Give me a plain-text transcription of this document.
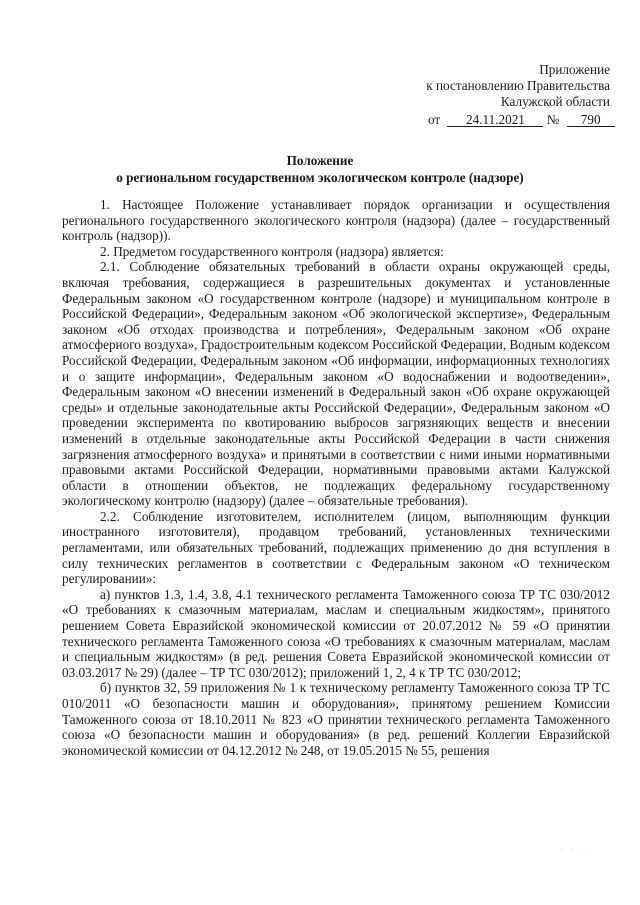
Приложение
к постановлению Правительства
Калужской области
от 24.11.2021 № 790
Положение
о региональном государственном экологическом контроле (надзоре)

1. Настоящее Положение устанавливает порядок организации и осуществления регионального государственного экологического контроля (надзора) (далее – государственный контроль (надзор)).

2. Предметом государственного контроля (надзора) является:

2.1. Соблюдение обязательных требований в области охраны окружающей среды, включая требования, содержащиеся в разрешительных документах и установленные Федеральным законом «О государственном контроле (надзоре) и муниципальном контроле в Российской Федерации», Федеральным законом «Об экологической экспертизе», Федеральным законом «Об отходах производства и потребления», Федеральным законом «Об охране атмосферного воздуха», Градостроительным кодексом Российской Федерации, Водным кодексом Российской Федерации, Федеральным законом «Об информации, информационных технологиях и о защите информации», Федеральным законом «О водоснабжении и водоотведении», Федеральным законом «О внесении изменений в Федеральный закон «Об охране окружающей среды» и отдельные законодательные акты Российской Федерации», Федеральным законом «О проведении эксперимента по квотированию выбросов загрязняющих веществ и внесении изменений в отдельные законодательные акты Российской Федерации в части снижения загрязнения атмосферного воздуха» и принятыми в соответствии с ними иными нормативными правовыми актами Российской Федерации, нормативными правовыми актами Калужской области в отношении объектов, не подлежащих федеральному государственному экологическому контролю (надзору) (далее – обязательные требования).

2.2. Соблюдение изготовителем, исполнителем (лицом, выполняющим функции иностранного изготовителя), продавцом требований, установленных техническими регламентами, или обязательных требований, подлежащих применению до дня вступления в силу технических регламентов в соответствии с Федеральным законом «О техническом регулировании»:

а) пунктов 1.3, 1.4, 3.8, 4.1 технического регламента Таможенного союза ТР ТС 030/2012 «О требованиях к смазочным материалам, маслам и специальным жидкостям», принятого решением Совета Евразийской экономической комиссии от 20.07.2012 № 59 «О принятии технического регламента Таможенного союза «О требованиях к смазочным материалам, маслам и специальным жидкостям» (в ред. решения Совета Евразийской экономической комиссии от 03.03.2017 № 29) (далее – ТР ТС 030/2012); приложений 1, 2, 4 к ТР ТС 030/2012;

б) пунктов 32, 59 приложения № 1 к техническому регламенту Таможенного союза ТР ТС 010/2011 «О безопасности машин и оборудования», принятому решением Комиссии Таможенного союза от 18.10.2011 № 823 «О принятии технического регламента Таможенного союза «О безопасности машин и оборудования» (в ред. решений Коллегии Евразийской экономической комиссии от 04.12.2012 № 248, от 19.05.2015 № 55, решения

· · ·
